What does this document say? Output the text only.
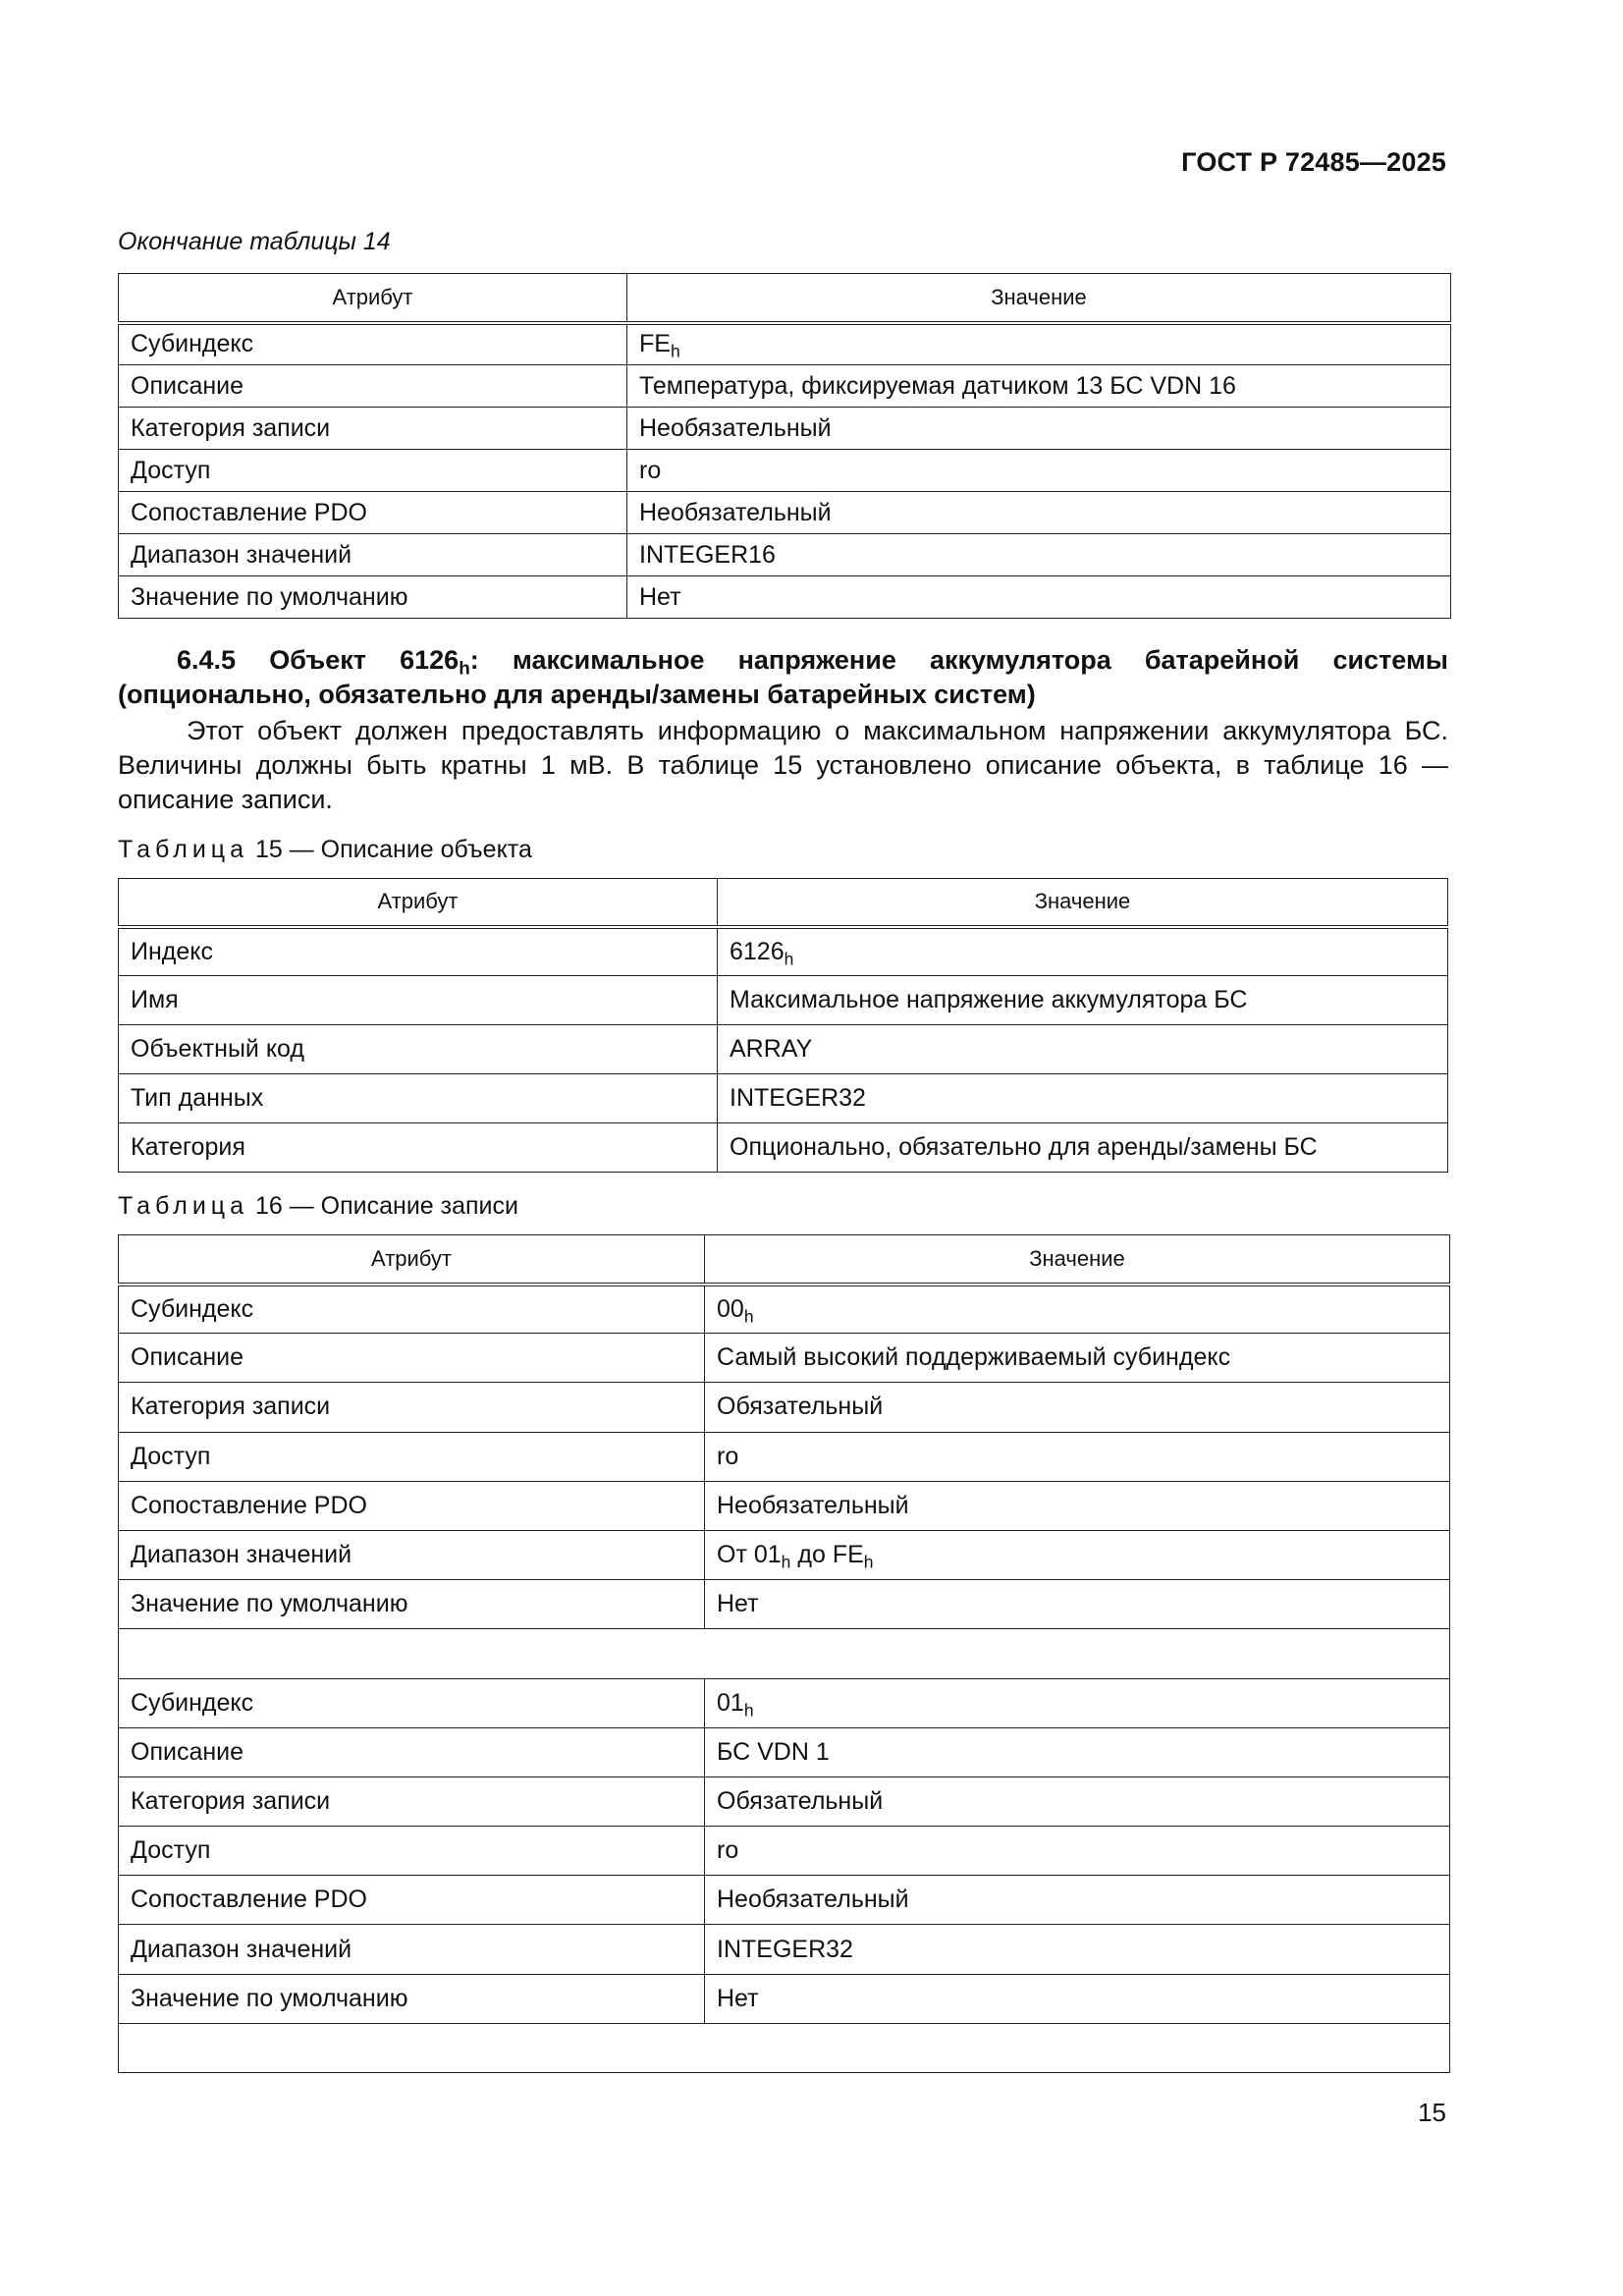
ГОСТ Р 72485—2025
Окончание таблицы 14
Атрибут	Значение
Субиндекс	$FE_h$
Описание	Температура, фиксируемая датчиком 13 БС VDN 16
Категория записи	Необязательный
Доступ	ro
Сопоставление PDO	Необязательный
Диапазон значений	INTEGER16
Значение по умолчанию	Нет
6.4.5 Объект $6126_h$: максимальное напряжение аккумулятора батарейной системы
(опционально, обязательно для аренды/замены батарейных систем)
Этот объект должен предоставлять информацию о максимальном напряжении аккумулятора БС. Величины должны быть кратны 1 мВ. В таблице 15 установлено описание объекта, в таблице 16 — описание записи.
Таблица 15 — Описание объекта
Атрибут	Значение
Индекс	$6126_h$
Имя	Максимальное напряжение аккумулятора БС
Объектный код	ARRAY
Тип данных	INTEGER32
Категория	Опционально, обязательно для аренды/замены БС
Таблица 16 — Описание записи
Атрибут	Значение
Субиндекс	$00_h$
Описание	Самый высокий поддерживаемый субиндекс
Категория записи	Обязательный
Доступ	ro
Сопоставление PDO	Необязательный
Диапазон значений	От $01_h$ до $FE_h$
Значение по умолчанию	Нет

Субиндекс	$01_h$
Описание	БС VDN 1
Категория записи	Обязательный
Доступ	ro
Сопоставление PDO	Необязательный
Диапазон значений	INTEGER32
Значение по умолчанию	Нет

15
